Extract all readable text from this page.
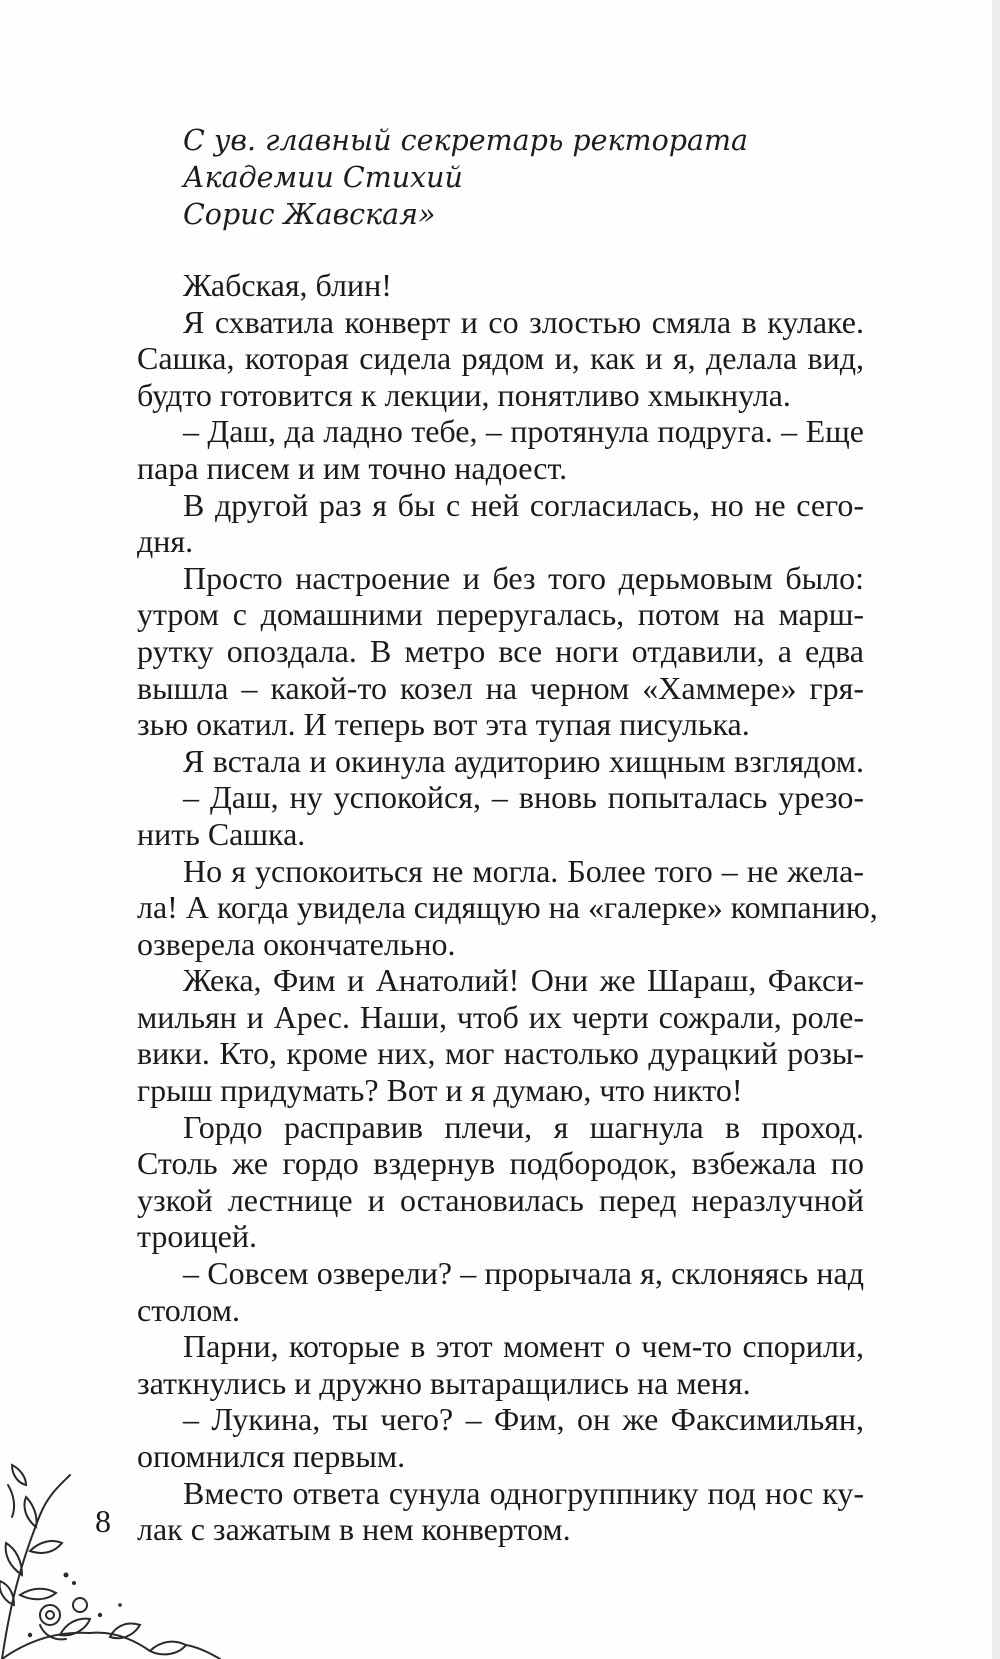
С ув. главный секретарь ректората
Академии Стихий
Сорис Жавская»
Жабская, блин!
Я схватила конверт и со злостью смяла в кулаке.
Сашка, которая сидела рядом и, как и я, делала вид,
будто готовится к лекции, понятливо хмыкнула.
– Даш, да ладно тебе, – протянула подруга. – Еще
пара писем и им точно надоест.
В другой раз я бы с ней согласилась, но не сего-
дня.
Просто настроение и без того дерьмовым было:
утром с домашними переругалась, потом на марш-
рутку опоздала. В метро все ноги отдавили, а едва
вышла – какой-то козел на черном «Хаммере» гря-
зью окатил. И теперь вот эта тупая писулька.
Я встала и окинула аудиторию хищным взглядом.
– Даш, ну успокойся, – вновь попыталась урезо-
нить Сашка.
Но я успокоиться не могла. Более того – не жела-
ла! А когда увидела сидящую на «галерке» компанию,
озверела окончательно.
Жека, Фим и Анатолий! Они же Шараш, Факси-
мильян и Арес. Наши, чтоб их черти сожрали, роле-
вики. Кто, кроме них, мог настолько дурацкий розы-
грыш придумать? Вот и я думаю, что никто!
Гордо расправив плечи, я шагнула в проход.
Столь же гордо вздернув подбородок, взбежала по
узкой лестнице и остановилась перед неразлучной
троицей.
– Совсем озверели? – прорычала я, склоняясь над
столом.
Парни, которые в этот момент о чем-то спорили,
заткнулись и дружно вытаращились на меня.
– Лукина, ты чего? – Фим, он же Факсимильян,
опомнился первым.
Вместо ответа сунула одногруппнику под нос ку-
лак с зажатым в нем конвертом.
8
